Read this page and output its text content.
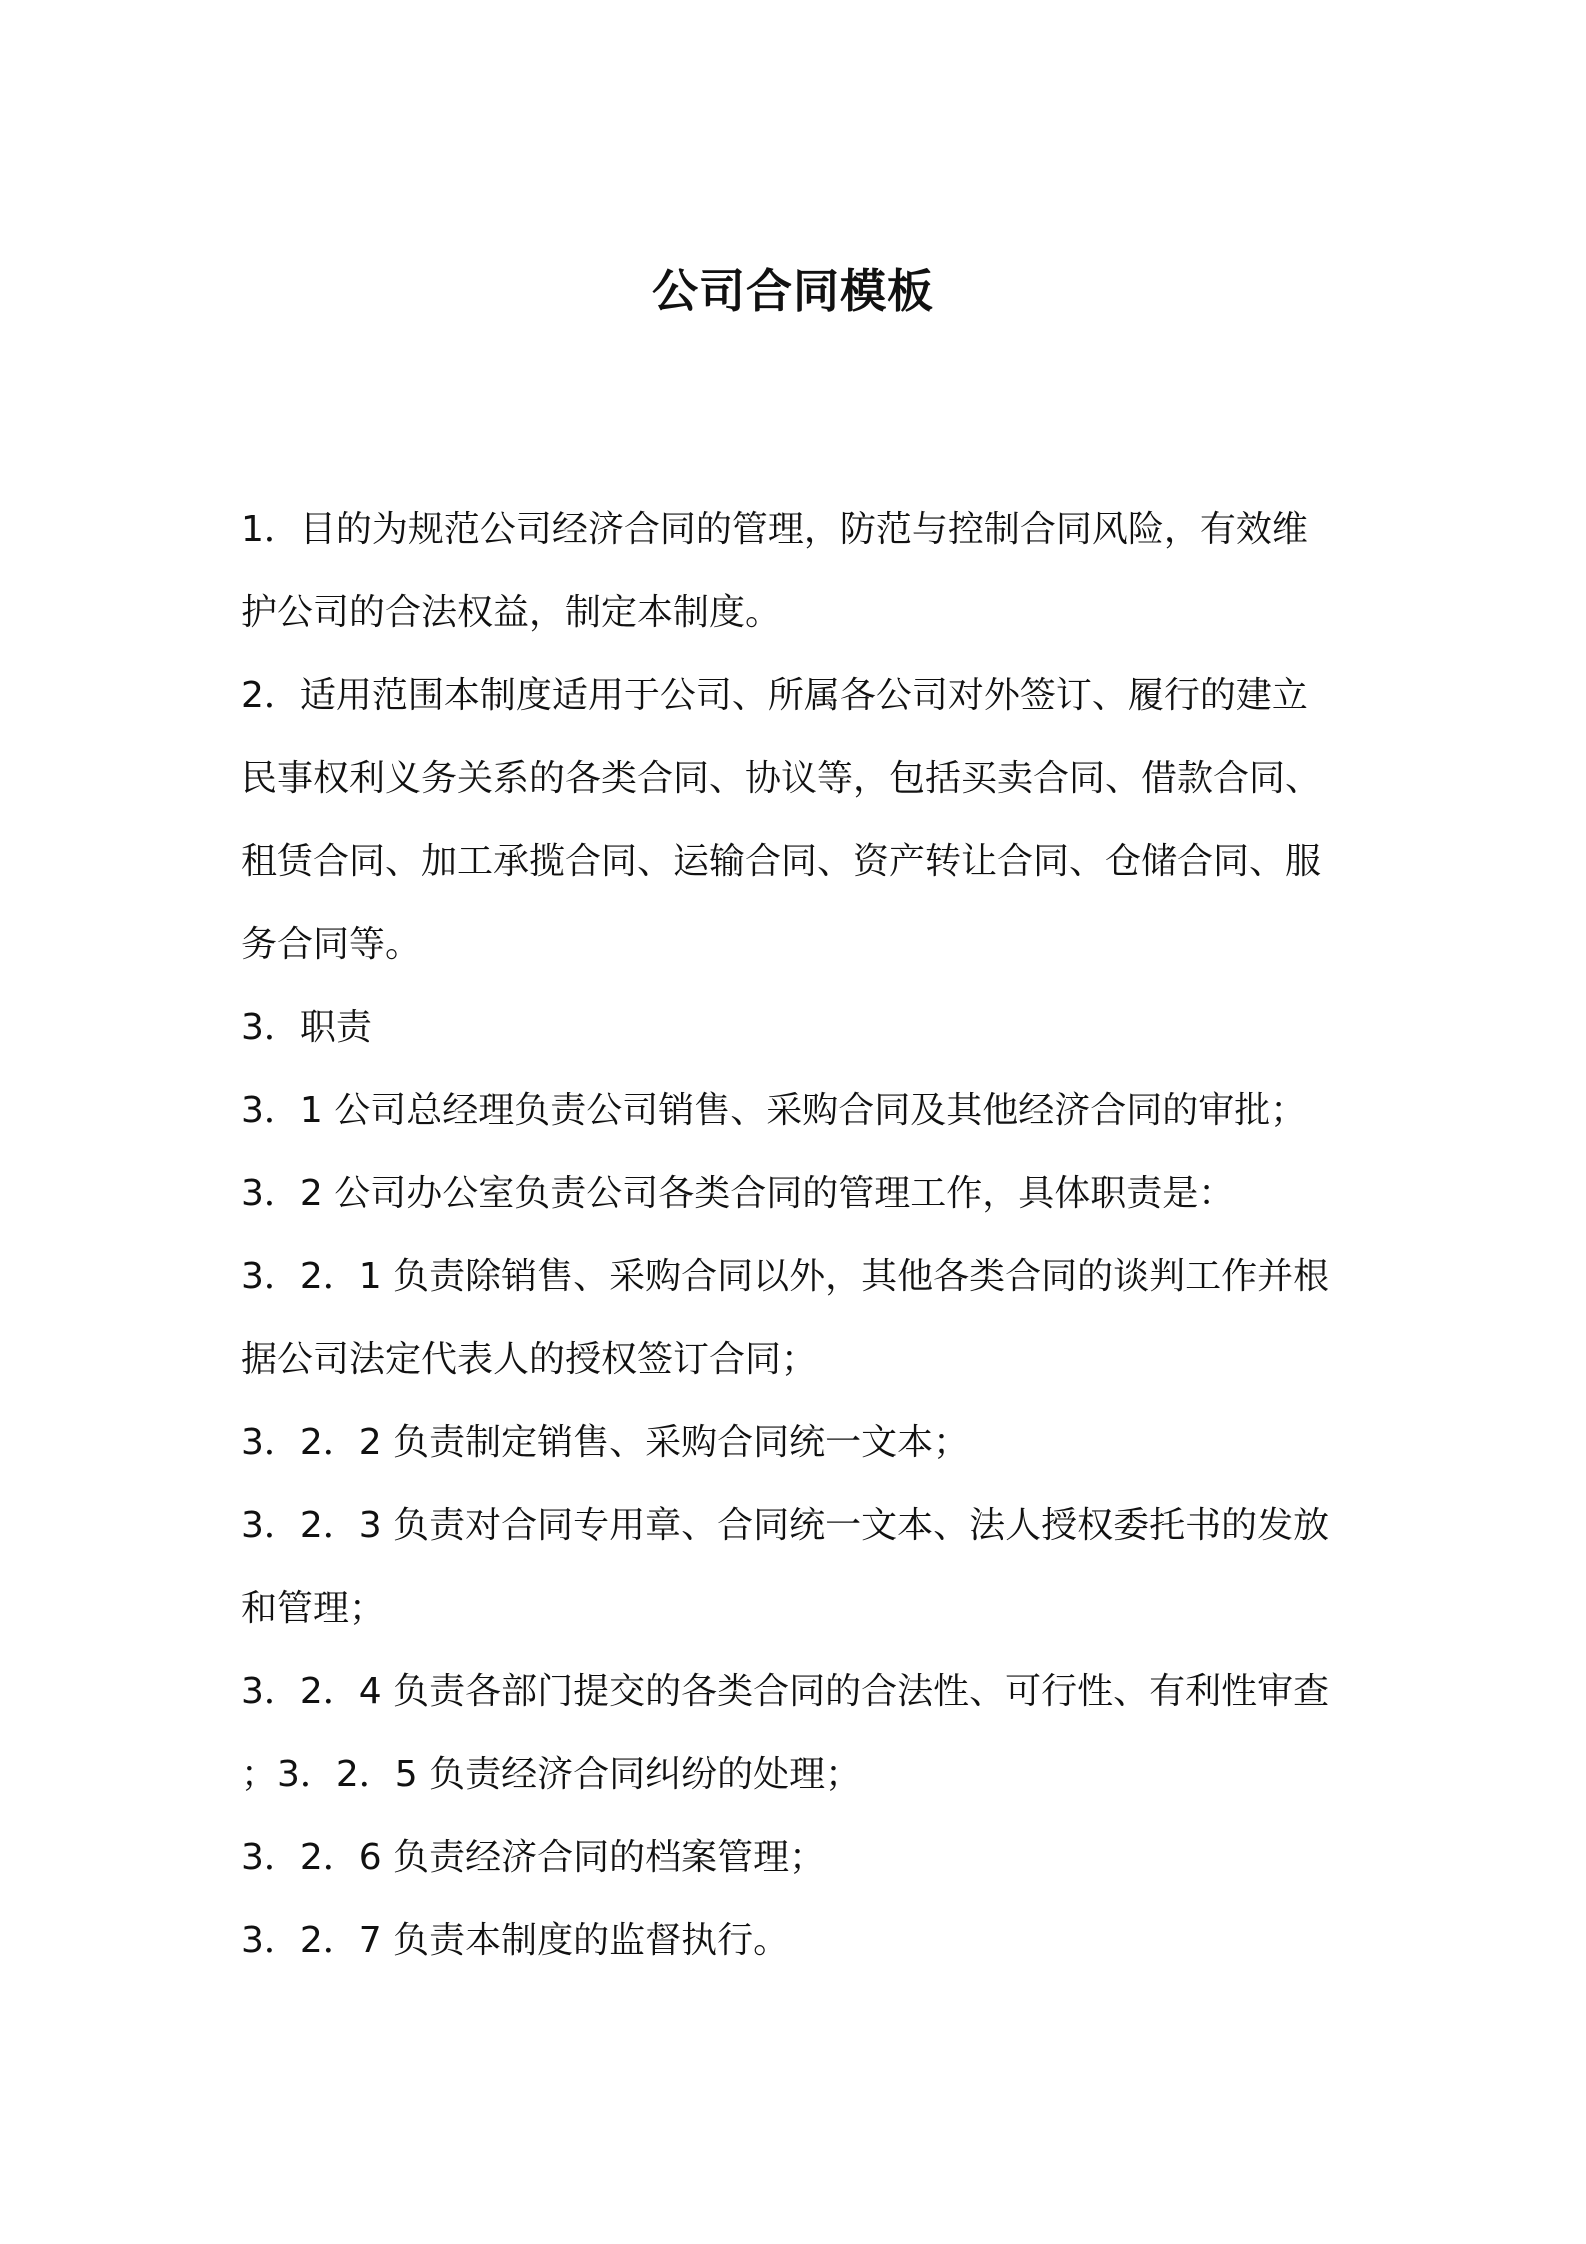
公司合同模板
1．目的为规范公司经济合同的管理，防范与控制合同风险，有效维
护公司的合法权益，制定本制度。
2．适用范围本制度适用于公司、所属各公司对外签订、履行的建立
民事权利义务关系的各类合同、协议等，包括买卖合同、借款合同、
租赁合同、加工承揽合同、运输合同、资产转让合同、仓储合同、服
务合同等。
3．职责
3．1 公司总经理负责公司销售、采购合同及其他经济合同的审批；
3．2 公司办公室负责公司各类合同的管理工作，具体职责是：
3．2．1 负责除销售、采购合同以外，其他各类合同的谈判工作并根
据公司法定代表人的授权签订合同；
3．2．2 负责制定销售、采购合同统一文本；
3．2．3 负责对合同专用章、合同统一文本、法人授权委托书的发放
和管理；
3．2．4 负责各部门提交的各类合同的合法性、可行性、有利性审查
；3．2．5 负责经济合同纠纷的处理；
3．2．6 负责经济合同的档案管理；
3．2．7 负责本制度的监督执行。
